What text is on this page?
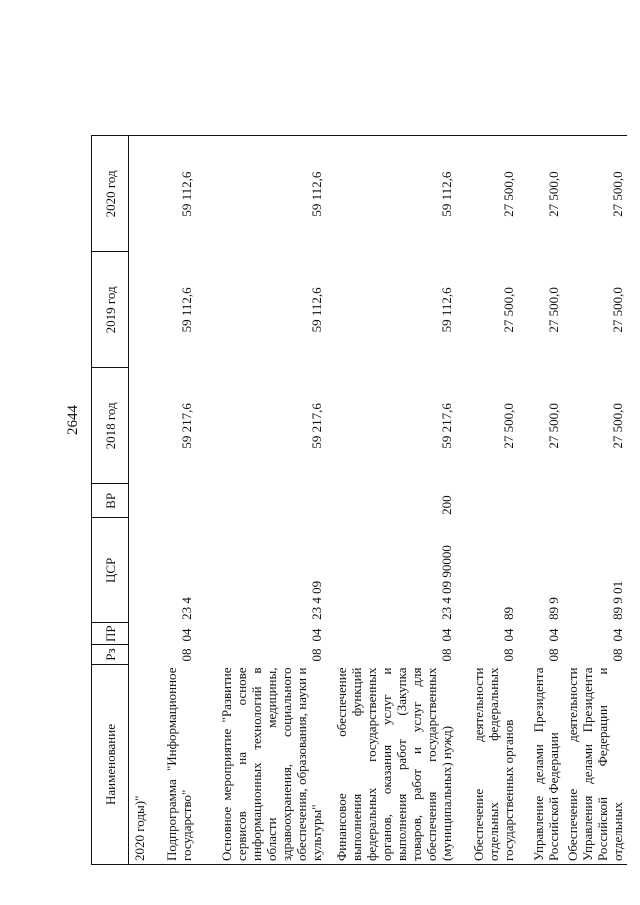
2644
Наименование	Рз	ПР	ЦСР	ВР	2018 год	2019 год	2020 год
2020 годы)"							
Подпрограмма "Информационное государство"	08	04	23 4		59 217,6	59 112,6	59 112,6
Основное мероприятие "Развитие сервисов на основе информационных технологий в области медицины, здравоохранения, социального обеспечения, образования, науки и культуры"	08	04	23 4 09		59 217,6	59 112,6	59 112,6
Финансовое обеспечение выполнения функций федеральных государственных органов, оказания услуг и выполнения работ (Закупка товаров, работ и услуг для обеспечения государственных (муниципальных) нужд)	08	04	23 4 09 90000	200	59 217,6	59 112,6	59 112,6
Обеспечение деятельности отдельных федеральных государственных органов	08	04	89		27 500,0	27 500,0	27 500,0
Управление делами Президента Российской Федерации	08	04	89 9		27 500,0	27 500,0	27 500,0
Обеспечение деятельности Управления делами Президента Российской Федерации и отдельных	08	04	89 9 01		27 500,0	27 500,0	27 500,0
